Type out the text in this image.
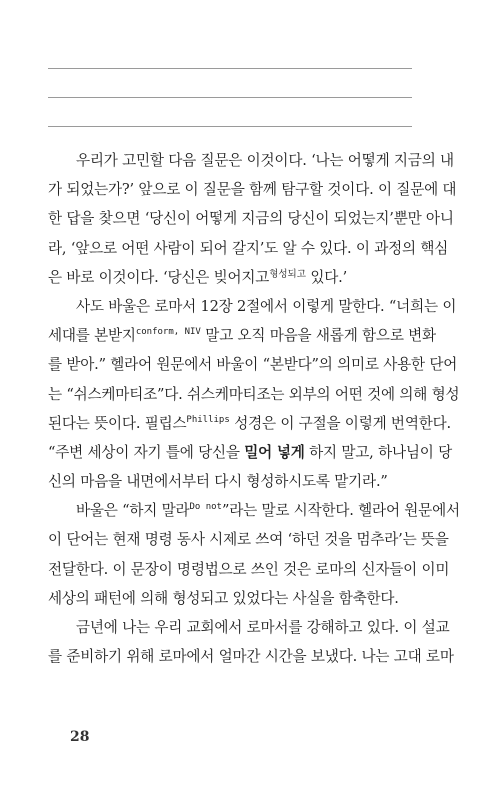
우리가 고민할 다음 질문은 이것이다. ‘나는 어떻게 지금의 내
가 되었는가?’ 앞으로 이 질문을 함께 탐구할 것이다. 이 질문에 대
한 답을 찾으면 ‘당신이 어떻게 지금의 당신이 되었는지’뿐만 아니
라, ‘앞으로 어떤 사람이 되어 갈지’도 알 수 있다. 이 과정의 핵심
은 바로 이것이다. ‘당신은 빚어지고$^{형성되고}$ 있다.’

사도 바울은 로마서 12장 2절에서 이렇게 말한다. “너희는 이
세대를 본받지$^{conform, NIV}$ 말고 오직 마음을 새롭게 함으로 변화
를 받아.” 헬라어 원문에서 바울이 “본받다”의 의미로 사용한 단어
는 “쉬스케마티조”다. 쉬스케마티조는 외부의 어떤 것에 의해 형성
된다는 뜻이다. 필립스$^{Phillips}$ 성경은 이 구절을 이렇게 번역한다.
“주변 세상이 자기 틀에 당신을 밀어 넣게 하지 말고, 하나님이 당
신의 마음을 내면에서부터 다시 형성하시도록 맡기라.”

바울은 “하지 말라$^{Do not}$”라는 말로 시작한다. 헬라어 원문에서
이 단어는 현재 명령 동사 시제로 쓰여 ‘하던 것을 멈추라’는 뜻을
전달한다. 이 문장이 명령법으로 쓰인 것은 로마의 신자들이 이미
세상의 패턴에 의해 형성되고 있었다는 사실을 함축한다.

금년에 나는 우리 교회에서 로마서를 강해하고 있다. 이 설교
를 준비하기 위해 로마에서 얼마간 시간을 보냈다. 나는 고대 로마

28
